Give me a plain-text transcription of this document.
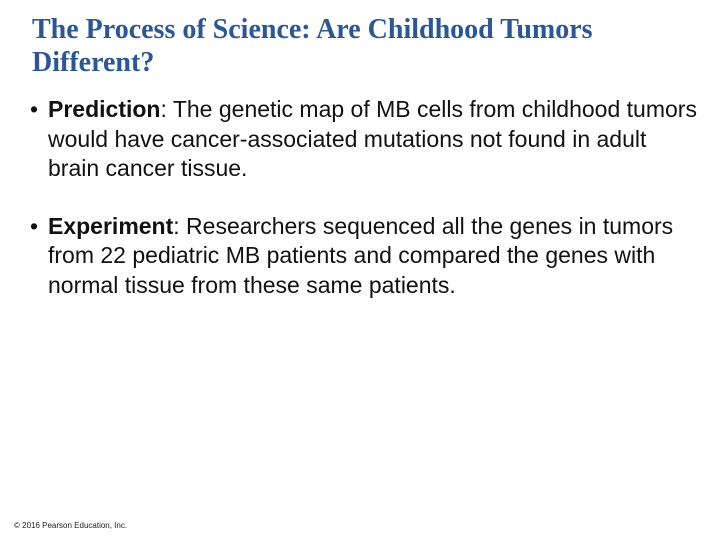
The Process of Science: Are Childhood Tumors Different?
• Prediction: The genetic map of MB cells from childhood tumors would have cancer-associated mutations not found in adult brain cancer tissue.
• Experiment: Researchers sequenced all the genes in tumors from 22 pediatric MB patients and compared the genes with normal tissue from these same patients.
© 2016 Pearson Education, Inc.
